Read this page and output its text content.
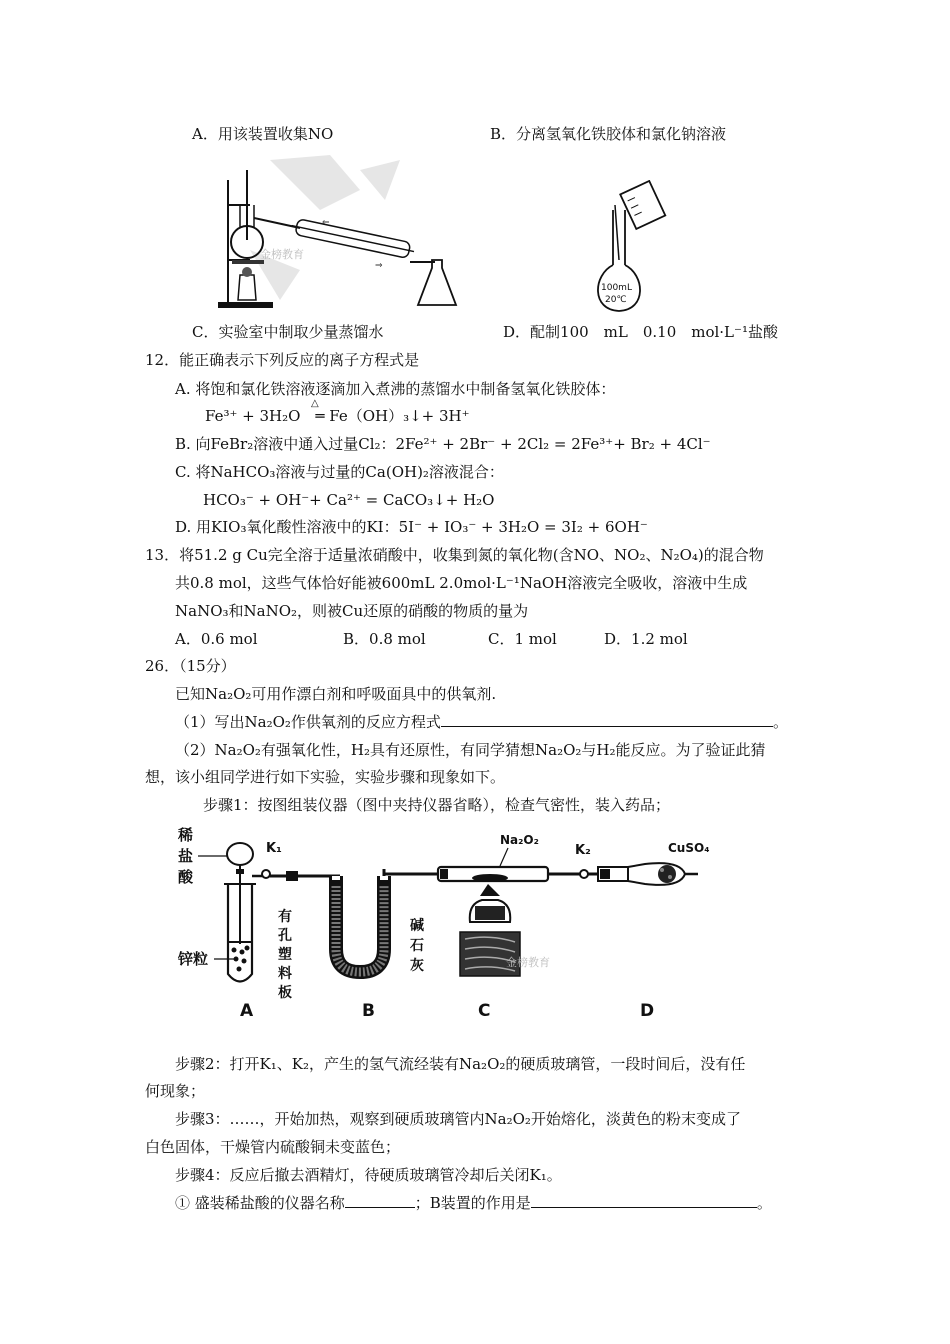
A．用该装置收集NO	B．分离氢氧化铁胶体和氯化钠溶液
⇐
⇒
金榜教育
100mL
20℃
C．实验室中制取少量蒸馏水	D．配制100　mL　0.10　mol·L⁻¹盐酸
12．能正确表示下列反应的离子方程式是
A. 将饱和氯化铁溶液逐滴加入煮沸的蒸馏水中制备氢氧化铁胶体：
Fe³⁺ + 3H₂O　═ Fe（OH）₃↓+ 3H⁺
△
B. 向FeBr₂溶液中通入过量Cl₂：2Fe²⁺ + 2Br⁻ + 2Cl₂ = 2Fe³⁺+ Br₂ + 4Cl⁻
C. 将NaHCO₃溶液与过量的Ca(OH)₂溶液混合：
HCO₃⁻ + OH⁻+ Ca²⁺ = CaCO₃↓+ H₂O
D. 用KIO₃氧化酸性溶液中的KI：5I⁻ + IO₃⁻ + 3H₂O = 3I₂ + 6OH⁻
13．将51.2 g Cu完全溶于适量浓硝酸中，收集到氮的氧化物(含NO、NO₂、N₂O₄)的混合物
共0.8 mol，这些气体恰好能被600mL 2.0mol·L⁻¹NaOH溶液完全吸收，溶液中生成
NaNO₃和NaNO₂，则被Cu还原的硝酸的物质的量为
A．0.6 mol	B．0.8 mol	C．1 mol	D．1.2 mol
26．（15分）
已知Na₂O₂可用作漂白剂和呼吸面具中的供氧剂.
（1）写出Na₂O₂作供氧剂的反应方程式	。
（2）Na₂O₂有强氧化性，H₂具有还原性，有同学猜想Na₂O₂与H₂能反应。为了验证此猜
想，该小组同学进行如下实验，实验步骤和现象如下。
步骤1：按图组装仪器（图中夹持仪器省略），检查气密性，装入药品；
稀
盐
酸
锌粒
K₁
有
孔
塑
料
板
碱
石
灰
Na₂O₂
金榜教育
K₂	CuSO₄
A	B	C	D
步骤2：打开K₁、K₂，产生的氢气流经装有Na₂O₂的硬质玻璃管，一段时间后，没有任
何现象；
步骤3：……，开始加热，观察到硬质玻璃管内Na₂O₂开始熔化，淡黄色的粉末变成了
白色固体，干燥管内硫酸铜未变蓝色；
步骤4：反应后撤去酒精灯，待硬质玻璃管冷却后关闭K₁。
① 盛装稀盐酸的仪器名称	；B装置的作用是	。
